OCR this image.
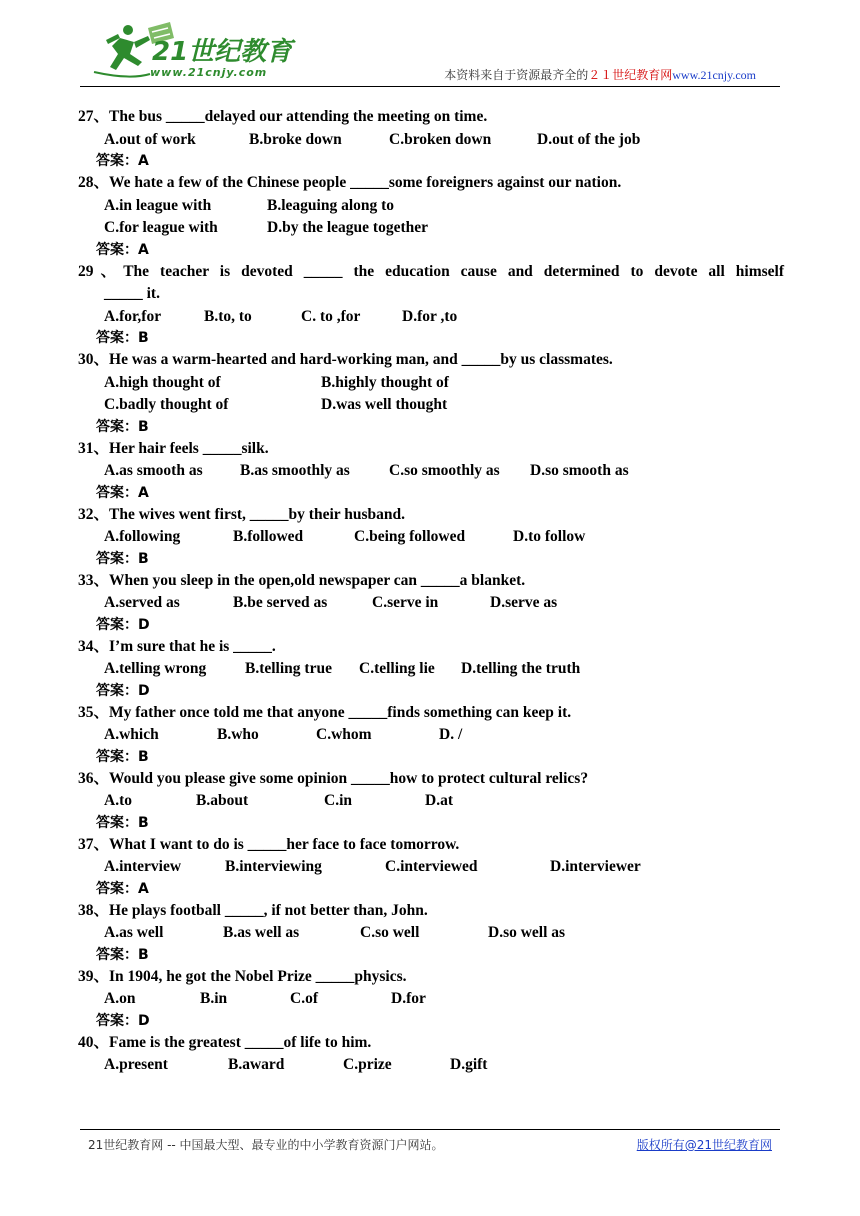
21世纪教育
www.21cnjy.com	本资料来自于资源最齐全的２１世纪教育网www.21cnjy.com
27、The bus _____delayed our attending the meeting on time.
A.out of work	B.broke down	C.broken down	D.out of the job
答案：A
28、We hate a few of the Chinese people _____some foreigners against our nation.
A.in league with	B.leaguing along to
C.for league with	D.by the league together
答案：A
29、The teacher is devoted _____ the education cause and determined to devote all himself
_____ it.
A.for,for	B.to, to	C. to ,for	D.for ,to
答案：B
30、He was a warm-hearted and hard-working man, and _____by us classmates.
A.high thought of	B.highly thought of
C.badly thought of	D.was well thought
答案：B
31、Her hair feels _____silk.
A.as smooth as B.as smoothly as	C.so smoothly as D.so smooth as
答案：A
32、The wives went first, _____by their husband.
A.following	B.followed	C.being followed	D.to follow
答案：B
33、When you sleep in the open,old newspaper can _____a blanket.
A.served as	B.be served as	C.serve in	D.serve as
答案：D
34、I’m sure that he is _____.
A.telling wrong	B.telling true C.telling lie D.telling the truth
答案：D
35、My father once told me that anyone _____finds something can keep it.
A.which	B.who	C.whom	D. /
答案：B
36、Would you please give some opinion _____how to protect cultural relics?
A.to	B.about	C.in	D.at
答案：B
37、What I want to do is _____her face to face tomorrow.
A.interview	B.interviewing	C.interviewed	D.interviewer
答案：A
38、He plays football _____, if not better than, John.
A.as well	B.as well as	C.so well	D.so well as
答案：B
39、In 1904, he got the Nobel Prize _____physics.
A.on	B.in	C.of	D.for
答案：D
40、Fame is the greatest _____of life to him.
A.present	B.award	C.prize	D.gift
21世纪教育网 -- 中国最大型、最专业的中小学教育资源门户网站。	版权所有@21世纪教育网
